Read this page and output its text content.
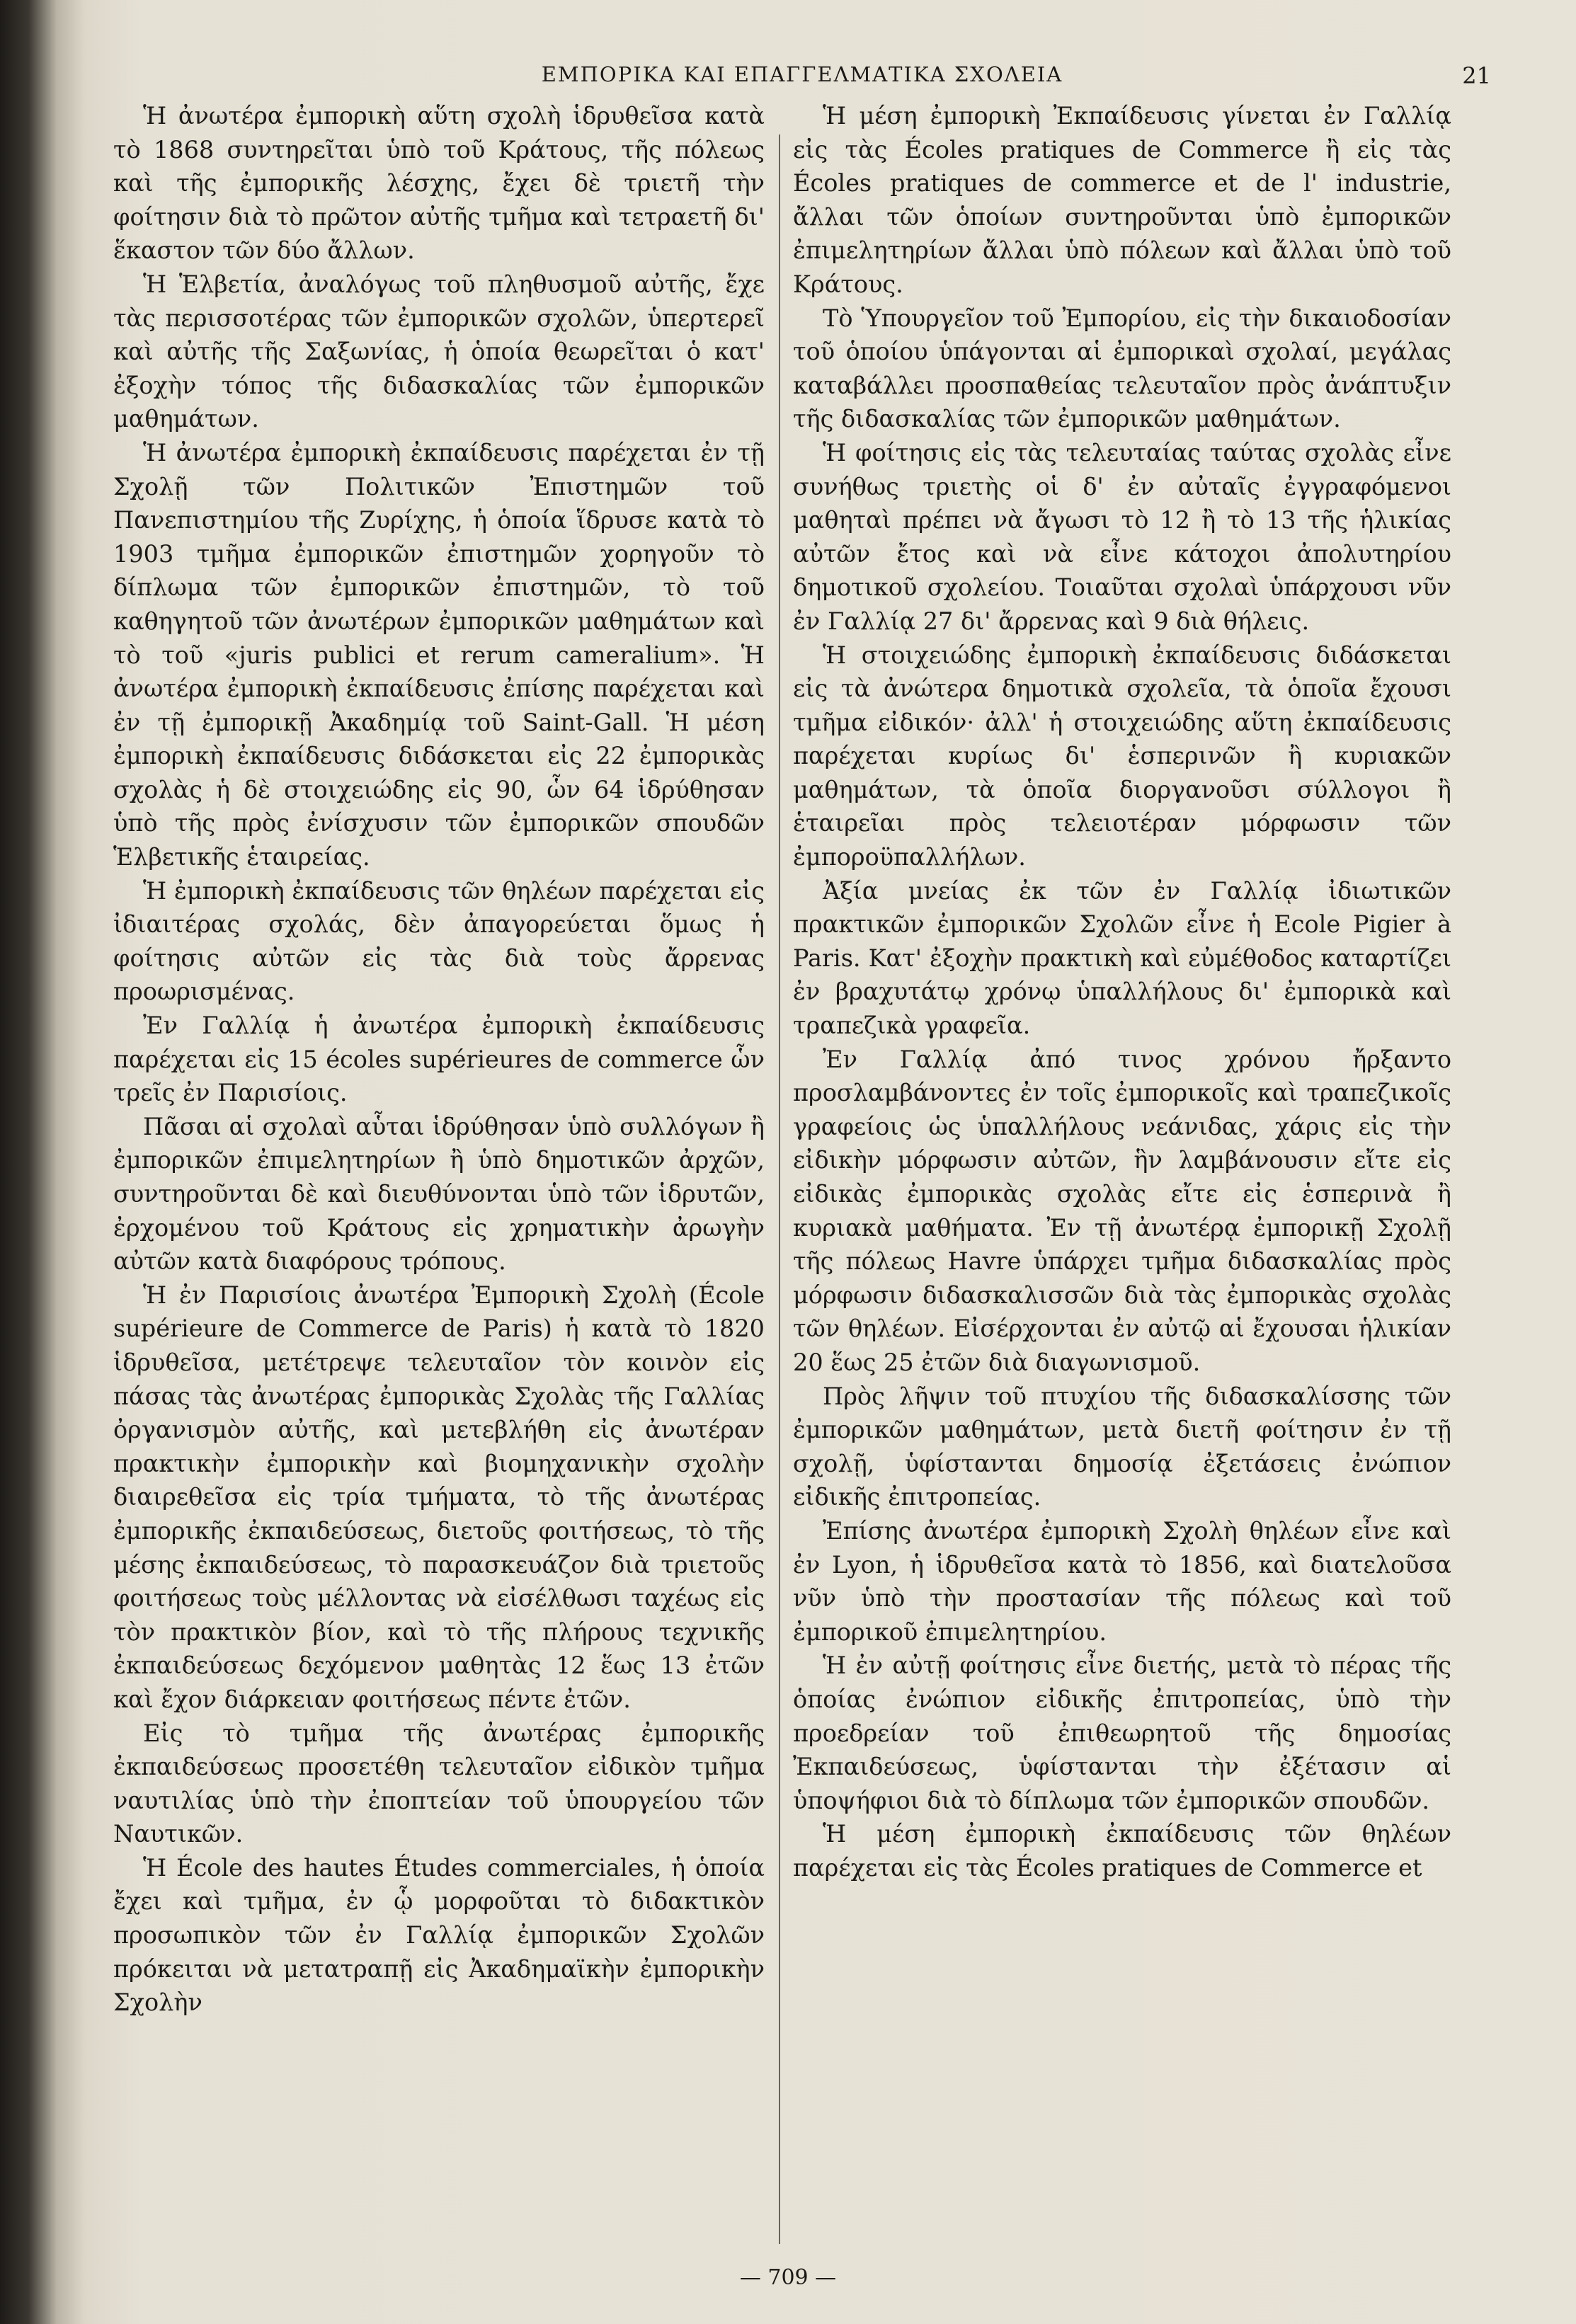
ΕΜΠΟΡΙΚΑ ΚΑΙ ΕΠΑΓΓΕΛΜΑΤΙΚΑ ΣΧΟΛΕΙΑ	21

Ἡ ἀνωτέρα ἐμπορικὴ αὕτη σχολὴ ἱδρυθεῖσα κατὰ τὸ 1868 συντηρεῖται ὑπὸ τοῦ Κράτους, τῆς πόλεως καὶ τῆς ἐμπορικῆς λέσχης, ἔχει δὲ τριετῆ τὴν φοίτησιν διὰ τὸ πρῶτον αὐτῆς τμῆμα καὶ τετραετῆ δι' ἕκαστον τῶν δύο ἄλλων.

Ἡ Ἑλβετία, ἀναλόγως τοῦ πληθυσμοῦ αὐτῆς, ἔχε τὰς περισσοτέρας τῶν ἐμπορικῶν σχολῶν, ὑπερτερεῖ καὶ αὐτῆς τῆς Σαξωνίας, ἡ ὁποία θεωρεῖται ὁ κατ' ἐξοχὴν τόπος τῆς διδασκαλίας τῶν ἐμπορικῶν μαθημάτων.

Ἡ ἀνωτέρα ἐμπορικὴ ἐκπαίδευσις παρέχεται ἐν τῇ Σχολῇ τῶν Πολιτικῶν Ἐπιστημῶν τοῦ Πανεπιστημίου τῆς Ζυρίχης, ἡ ὁποία ἵδρυσε κατὰ τὸ 1903 τμῆμα ἐμπορικῶν ἐπιστημῶν χορηγοῦν τὸ δίπλωμα τῶν ἐμπορικῶν ἐπιστημῶν, τὸ τοῦ καθηγητοῦ τῶν ἀνωτέρων ἐμπορικῶν μαθημάτων καὶ τὸ τοῦ «juris publici et rerum cameralium». Ἡ ἀνωτέρα ἐμπορικὴ ἐκπαίδευσις ἐπίσης παρέχεται καὶ ἐν τῇ ἐμπορικῇ Ἀκαδημίᾳ τοῦ Saint-Gall. Ἡ μέση ἐμπορικὴ ἐκπαίδευσις διδάσκεται εἰς 22 ἐμπορικὰς σχολὰς ἡ δὲ στοιχειώδης εἰς 90, ὧν 64 ἱδρύθησαν ὑπὸ τῆς πρὸς ἐνίσχυσιν τῶν ἐμπορικῶν σπουδῶν Ἑλβετικῆς ἑταιρείας.

Ἡ ἐμπορικὴ ἐκπαίδευσις τῶν θηλέων παρέχεται εἰς ἰδιαιτέρας σχολάς, δὲν ἀπαγορεύεται ὅμως ἡ φοίτησις αὐτῶν εἰς τὰς διὰ τοὺς ἄρρενας προωρισμένας.

Ἐν Γαλλίᾳ ἡ ἀνωτέρα ἐμπορικὴ ἐκπαίδευσις παρέχεται εἰς 15 écoles supérieures de commerce ὧν τρεῖς ἐν Παρισίοις.

Πᾶσαι αἱ σχολαὶ αὗται ἱδρύθησαν ὑπὸ συλλόγων ἢ ἐμπορικῶν ἐπιμελητηρίων ἢ ὑπὸ δημοτικῶν ἀρχῶν, συντηροῦνται δὲ καὶ διευθύνονται ὑπὸ τῶν ἱδρυτῶν, ἐρχομένου τοῦ Κράτους εἰς χρηματικὴν ἀρωγὴν αὐτῶν κατὰ διαφόρους τρόπους.

Ἡ ἐν Παρισίοις ἀνωτέρα Ἐμπορικὴ Σχολὴ (École supérieure de Commerce de Paris) ἡ κατὰ τὸ 1820 ἱδρυθεῖσα, μετέτρεψε τελευταῖον τὸν κοινὸν εἰς πάσας τὰς ἀνωτέρας ἐμπορικὰς Σχολὰς τῆς Γαλλίας ὀργανισμὸν αὐτῆς, καὶ μετεβλήθη εἰς ἀνωτέραν πρακτικὴν ἐμπορικὴν καὶ βιομηχανικὴν σχολὴν διαιρεθεῖσα εἰς τρία τμήματα, τὸ τῆς ἀνωτέρας ἐμπορικῆς ἐκπαιδεύσεως, διετοῦς φοιτήσεως, τὸ τῆς μέσης ἐκπαιδεύσεως, τὸ παρασκευάζον διὰ τριετοῦς φοιτήσεως τοὺς μέλλοντας νὰ εἰσέλθωσι ταχέως εἰς τὸν πρακτικὸν βίον, καὶ τὸ τῆς πλήρους τεχνικῆς ἐκπαιδεύσεως δεχόμενον μαθητὰς 12 ἕως 13 ἐτῶν καὶ ἔχον διάρκειαν φοιτήσεως πέντε ἐτῶν.

Εἰς τὸ τμῆμα τῆς ἀνωτέρας ἐμπορικῆς ἐκπαιδεύσεως προσετέθη τελευταῖον εἰδικὸν τμῆμα ναυτιλίας ὑπὸ τὴν ἐποπτείαν τοῦ ὑπουργείου τῶν Ναυτικῶν.

Ἡ École des hautes Études commerciales, ἡ ὁποία ἔχει καὶ τμῆμα, ἐν ᾧ μορφοῦται τὸ διδακτικὸν προσωπικὸν τῶν ἐν Γαλλίᾳ ἐμπορικῶν Σχολῶν πρόκειται νὰ μετατραπῇ εἰς Ἀκαδημαϊκὴν ἐμπορικὴν Σχολὴν

Ἡ μέση ἐμπορικὴ Ἐκπαίδευσις γίνεται ἐν Γαλλίᾳ εἰς τὰς Écoles pratiques de Commerce ἢ εἰς τὰς Écoles pratiques de commerce et de l' industrie, ἄλλαι τῶν ὁποίων συντηροῦνται ὑπὸ ἐμπορικῶν ἐπιμελητηρίων ἄλλαι ὑπὸ πόλεων καὶ ἄλλαι ὑπὸ τοῦ Κράτους.

Τὸ Ὑπουργεῖον τοῦ Ἐμπορίου, εἰς τὴν δικαιοδοσίαν τοῦ ὁποίου ὑπάγονται αἱ ἐμπορικαὶ σχολαί, μεγάλας καταβάλλει προσπαθείας τελευταῖον πρὸς ἀνάπτυξιν τῆς διδασκαλίας τῶν ἐμπορικῶν μαθημάτων.

Ἡ φοίτησις εἰς τὰς τελευταίας ταύτας σχολὰς εἶνε συνήθως τριετὴς οἱ δ' ἐν αὐταῖς ἐγγραφόμενοι μαθηταὶ πρέπει νὰ ἄγωσι τὸ 12 ἢ τὸ 13 τῆς ἡλικίας αὐτῶν ἔτος καὶ νὰ εἶνε κάτοχοι ἀπολυτηρίου δημοτικοῦ σχολείου. Τοιαῦται σχολαὶ ὑπάρχουσι νῦν ἐν Γαλλίᾳ 27 δι' ἄρρενας καὶ 9 διὰ θήλεις.

Ἡ στοιχειώδης ἐμπορικὴ ἐκπαίδευσις διδάσκεται εἰς τὰ ἀνώτερα δημοτικὰ σχολεῖα, τὰ ὁποῖα ἔχουσι τμῆμα εἰδικόν· ἀλλ' ἡ στοιχειώδης αὕτη ἐκπαίδευσις παρέχεται κυρίως δι' ἑσπερινῶν ἢ κυριακῶν μαθημάτων, τὰ ὁποῖα διοργανοῦσι σύλλογοι ἢ ἑταιρεῖαι πρὸς τελειοτέραν μόρφωσιν τῶν ἐμποροϋπαλλήλων.

Ἀξία μνείας ἐκ τῶν ἐν Γαλλίᾳ ἰδιωτικῶν πρακτικῶν ἐμπορικῶν Σχολῶν εἶνε ἡ Ecole Pigier à Paris. Κατ' ἐξοχὴν πρακτικὴ καὶ εὐμέθοδος καταρτίζει ἐν βραχυτάτῳ χρόνῳ ὑπαλλήλους δι' ἐμπορικὰ καὶ τραπεζικὰ γραφεῖα.

Ἐν Γαλλίᾳ ἀπό τινος χρόνου ἤρξαντο προσλαμβάνοντες ἐν τοῖς ἐμπορικοῖς καὶ τραπεζικοῖς γραφείοις ὡς ὑπαλλήλους νεάνιδας, χάρις εἰς τὴν εἰδικὴν μόρφωσιν αὐτῶν, ἣν λαμβάνουσιν εἴτε εἰς εἰδικὰς ἐμπορικὰς σχολὰς εἴτε εἰς ἑσπερινὰ ἢ κυριακὰ μαθήματα. Ἐν τῇ ἀνωτέρᾳ ἐμπορικῇ Σχολῇ τῆς πόλεως Havre ὑπάρχει τμῆμα διδασκαλίας πρὸς μόρφωσιν διδασκαλισσῶν διὰ τὰς ἐμπορικὰς σχολὰς τῶν θηλέων. Εἰσέρχονται ἐν αὐτῷ αἱ ἔχουσαι ἡλικίαν 20 ἕως 25 ἐτῶν διὰ διαγωνισμοῦ.

Πρὸς λῆψιν τοῦ πτυχίου τῆς διδασκαλίσσης τῶν ἐμπορικῶν μαθημάτων, μετὰ διετῆ φοίτησιν ἐν τῇ σχολῇ, ὑφίστανται δημοσίᾳ ἐξετάσεις ἐνώπιον εἰδικῆς ἐπιτροπείας.

Ἐπίσης ἀνωτέρα ἐμπορικὴ Σχολὴ θηλέων εἶνε καὶ ἐν Lyon, ἡ ἱδρυθεῖσα κατὰ τὸ 1856, καὶ διατελοῦσα νῦν ὑπὸ τὴν προστασίαν τῆς πόλεως καὶ τοῦ ἐμπορικοῦ ἐπιμελητηρίου.

Ἡ ἐν αὐτῇ φοίτησις εἶνε διετής, μετὰ τὸ πέρας τῆς ὁποίας ἐνώπιον εἰδικῆς ἐπιτροπείας, ὑπὸ τὴν προεδρείαν τοῦ ἐπιθεωρητοῦ τῆς δημοσίας Ἐκπαιδεύσεως, ὑφίστανται τὴν ἐξέτασιν αἱ ὑποψήφιοι διὰ τὸ δίπλωμα τῶν ἐμπορικῶν σπουδῶν.

Ἡ μέση ἐμπορικὴ ἐκπαίδευσις τῶν θηλέων παρέχεται εἰς τὰς Écoles pratiques de Commerce et

— 709 —
